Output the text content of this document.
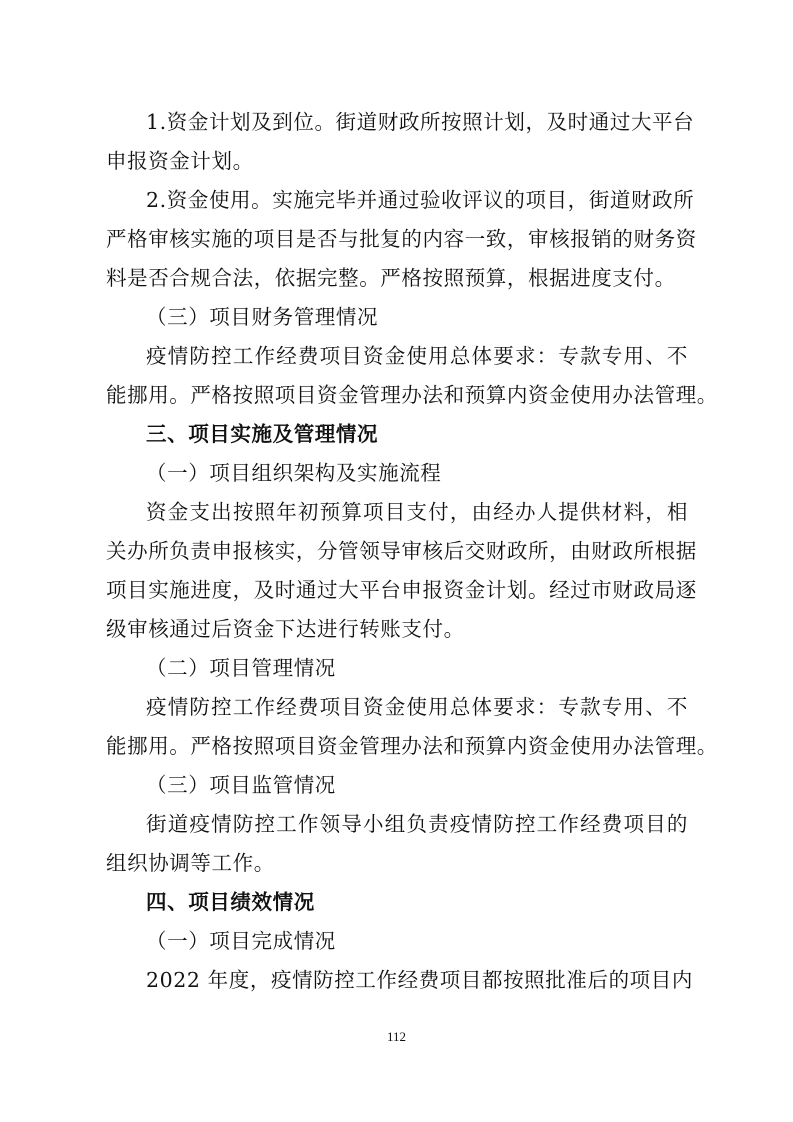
1.资金计划及到位。街道财政所按照计划，及时通过大平台
申报资金计划。
2.资金使用。实施完毕并通过验收评议的项目，街道财政所
严格审核实施的项目是否与批复的内容一致，审核报销的财务资
料是否合规合法，依据完整。严格按照预算，根据进度支付。
（三）项目财务管理情况
疫情防控工作经费项目资金使用总体要求：专款专用、不
能挪用。严格按照项目资金管理办法和预算内资金使用办法管理。
三、项目实施及管理情况
（一）项目组织架构及实施流程
资金支出按照年初预算项目支付，由经办人提供材料，相
关办所负责申报核实，分管领导审核后交财政所，由财政所根据
项目实施进度，及时通过大平台申报资金计划。经过市财政局逐
级审核通过后资金下达进行转账支付。
（二）项目管理情况
疫情防控工作经费项目资金使用总体要求：专款专用、不
能挪用。严格按照项目资金管理办法和预算内资金使用办法管理。
（三）项目监管情况
街道疫情防控工作领导小组负责疫情防控工作经费项目的
组织协调等工作。
四、项目绩效情况
（一）项目完成情况
2022 年度，疫情防控工作经费项目都按照批准后的项目内
112
